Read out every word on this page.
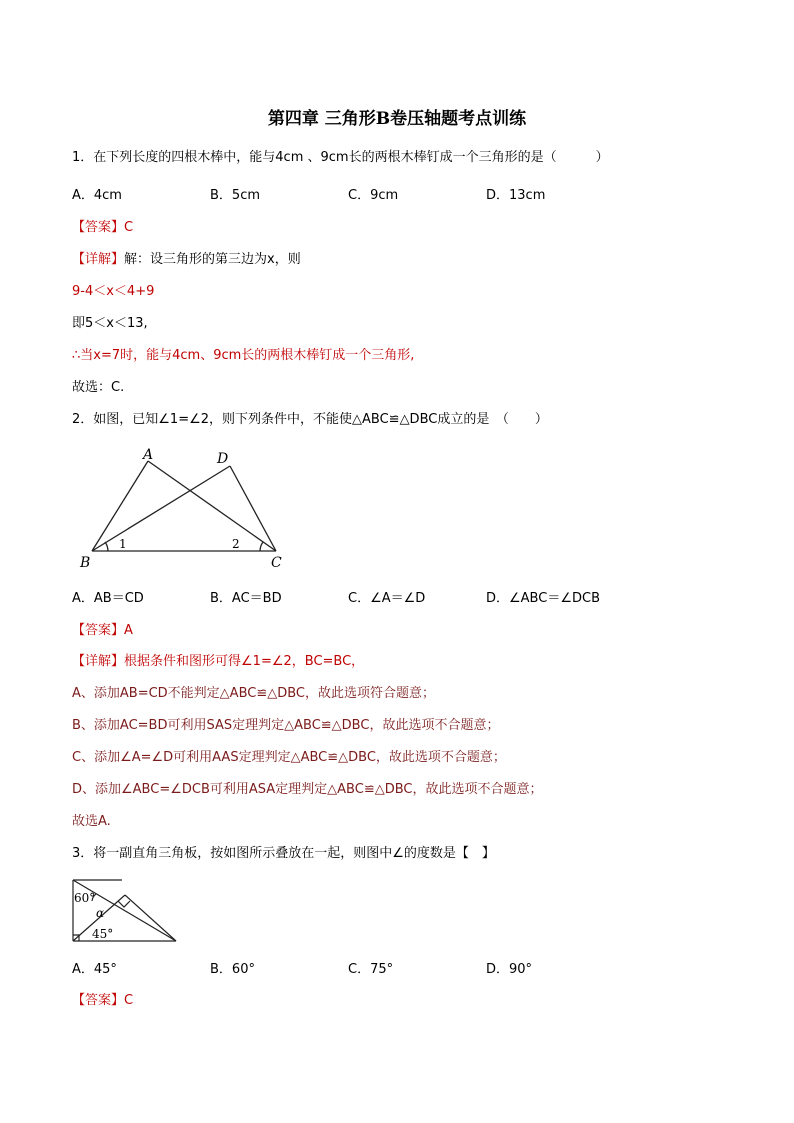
第四章 三角形B卷压轴题考点训练
1．在下列长度的四根木棒中，能与4cm 、9cm长的两根木棒钉成一个三角形的是（　　　）
A．4cm	B．5cm	C．9cm	D．13cm
【答案】C
【详解】解：设三角形的第三边为x，则
9-4＜x＜4+9
即5＜x＜13,
∴当x=7时，能与4cm、9cm长的两根木棒钉成一个三角形,
故选：C.
2．如图，已知∠1=∠2，则下列条件中，不能使△ABC≌△DBC成立的是　（　　）
A	D
B	C
1	2
A．AB＝CD	B．AC＝BD	C．∠A＝∠D	D．∠ABC＝∠DCB
【答案】A
【详解】根据条件和图形可得∠1=∠2，BC=BC，
A、添加AB=CD不能判定△ABC≌△DBC，故此选项符合题意；
B、添加AC=BD可利用SAS定理判定△ABC≌△DBC，故此选项不合题意；
C、添加∠A=∠D可利用AAS定理判定△ABC≌△DBC，故此选项不合题意；
D、添加∠ABC=∠DCB可利用ASA定理判定△ABC≌△DBC，故此选项不合题意；
故选A.
3．将一副直角三角板，按如图所示叠放在一起，则图中∠的度数是【　】
60°
α
45°
A．45°	B．60°	C．75°	D．90°
【答案】C
